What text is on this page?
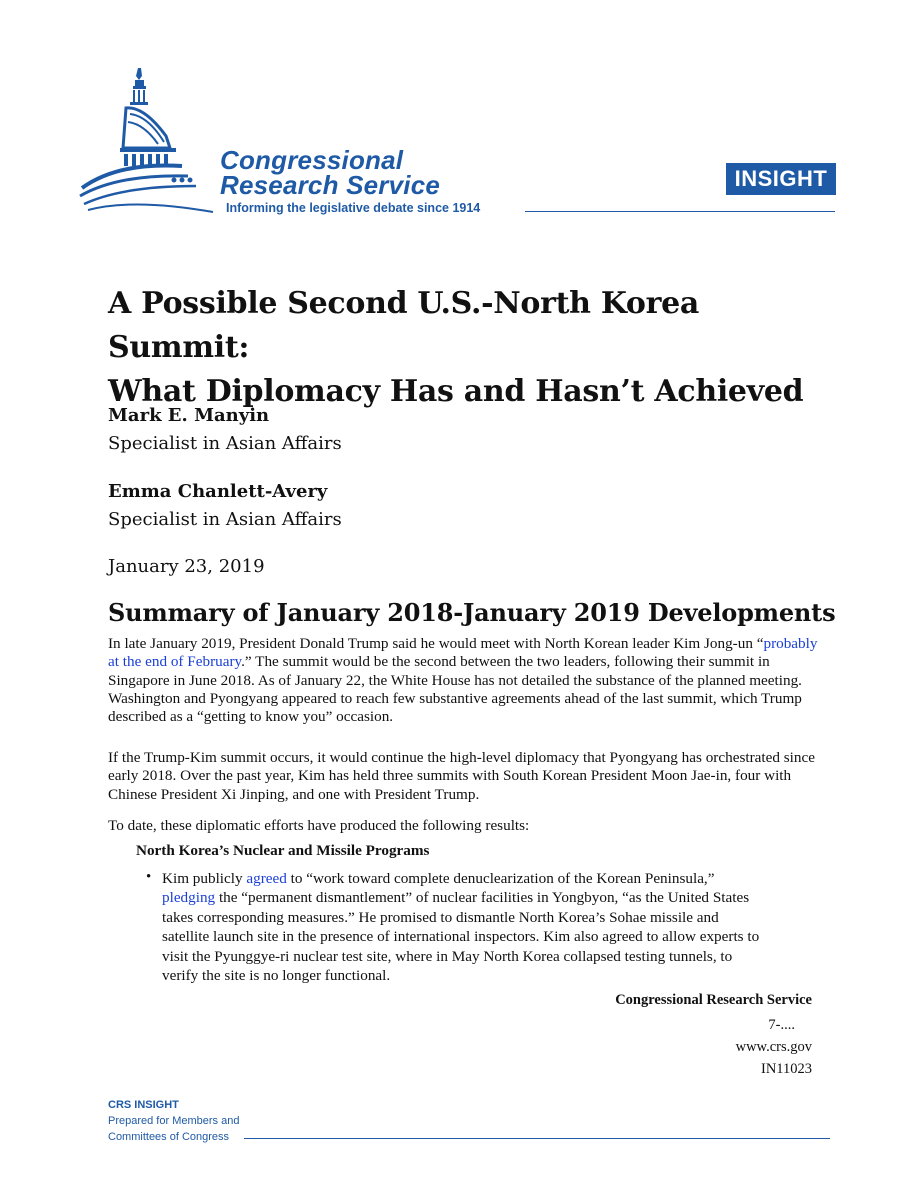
Congressional
Research Service
Informing the legislative debate since 1914
INSIGHT
A Possible Second U.S.-North Korea Summit:
What Diplomacy Has and Hasn’t Achieved
Mark E. Manyin
Specialist in Asian Affairs
Emma Chanlett-Avery
Specialist in Asian Affairs
January 23, 2019
Summary of January 2018-January 2019 Developments

In late January 2019, President Donald Trump said he would meet with North Korean leader Kim Jong-un “probably at the end of February.” The summit would be the second between the two leaders, following their summit in Singapore in June 2018. As of January 22, the White House has not detailed the substance of the planned meeting. Washington and Pyongyang appeared to reach few substantive agreements ahead of the last summit, which Trump described as a “getting to know you” occasion.

If the Trump-Kim summit occurs, it would continue the high-level diplomacy that Pyongyang has orchestrated since early 2018. Over the past year, Kim has held three summits with South Korean President Moon Jae-in, four with Chinese President Xi Jinping, and one with President Trump.

To date, these diplomatic efforts have produced the following results:

North Korea’s Nuclear and Missile Programs
• Kim publicly agreed to “work toward complete denuclearization of the Korean Peninsula,” pledging the “permanent dismantlement” of nuclear facilities in Yongbyon, “as the United States takes corresponding measures.” He promised to dismantle North Korea’s Sohae missile and satellite launch site in the presence of international inspectors. Kim also agreed to allow experts to visit the Pyunggye-ri nuclear test site, where in May North Korea collapsed testing tunnels, to verify the site is no longer functional.

Congressional Research Service
7-....
www.crs.gov
IN11023
CRS INSIGHT
Prepared for Members and
Committees of Congress
